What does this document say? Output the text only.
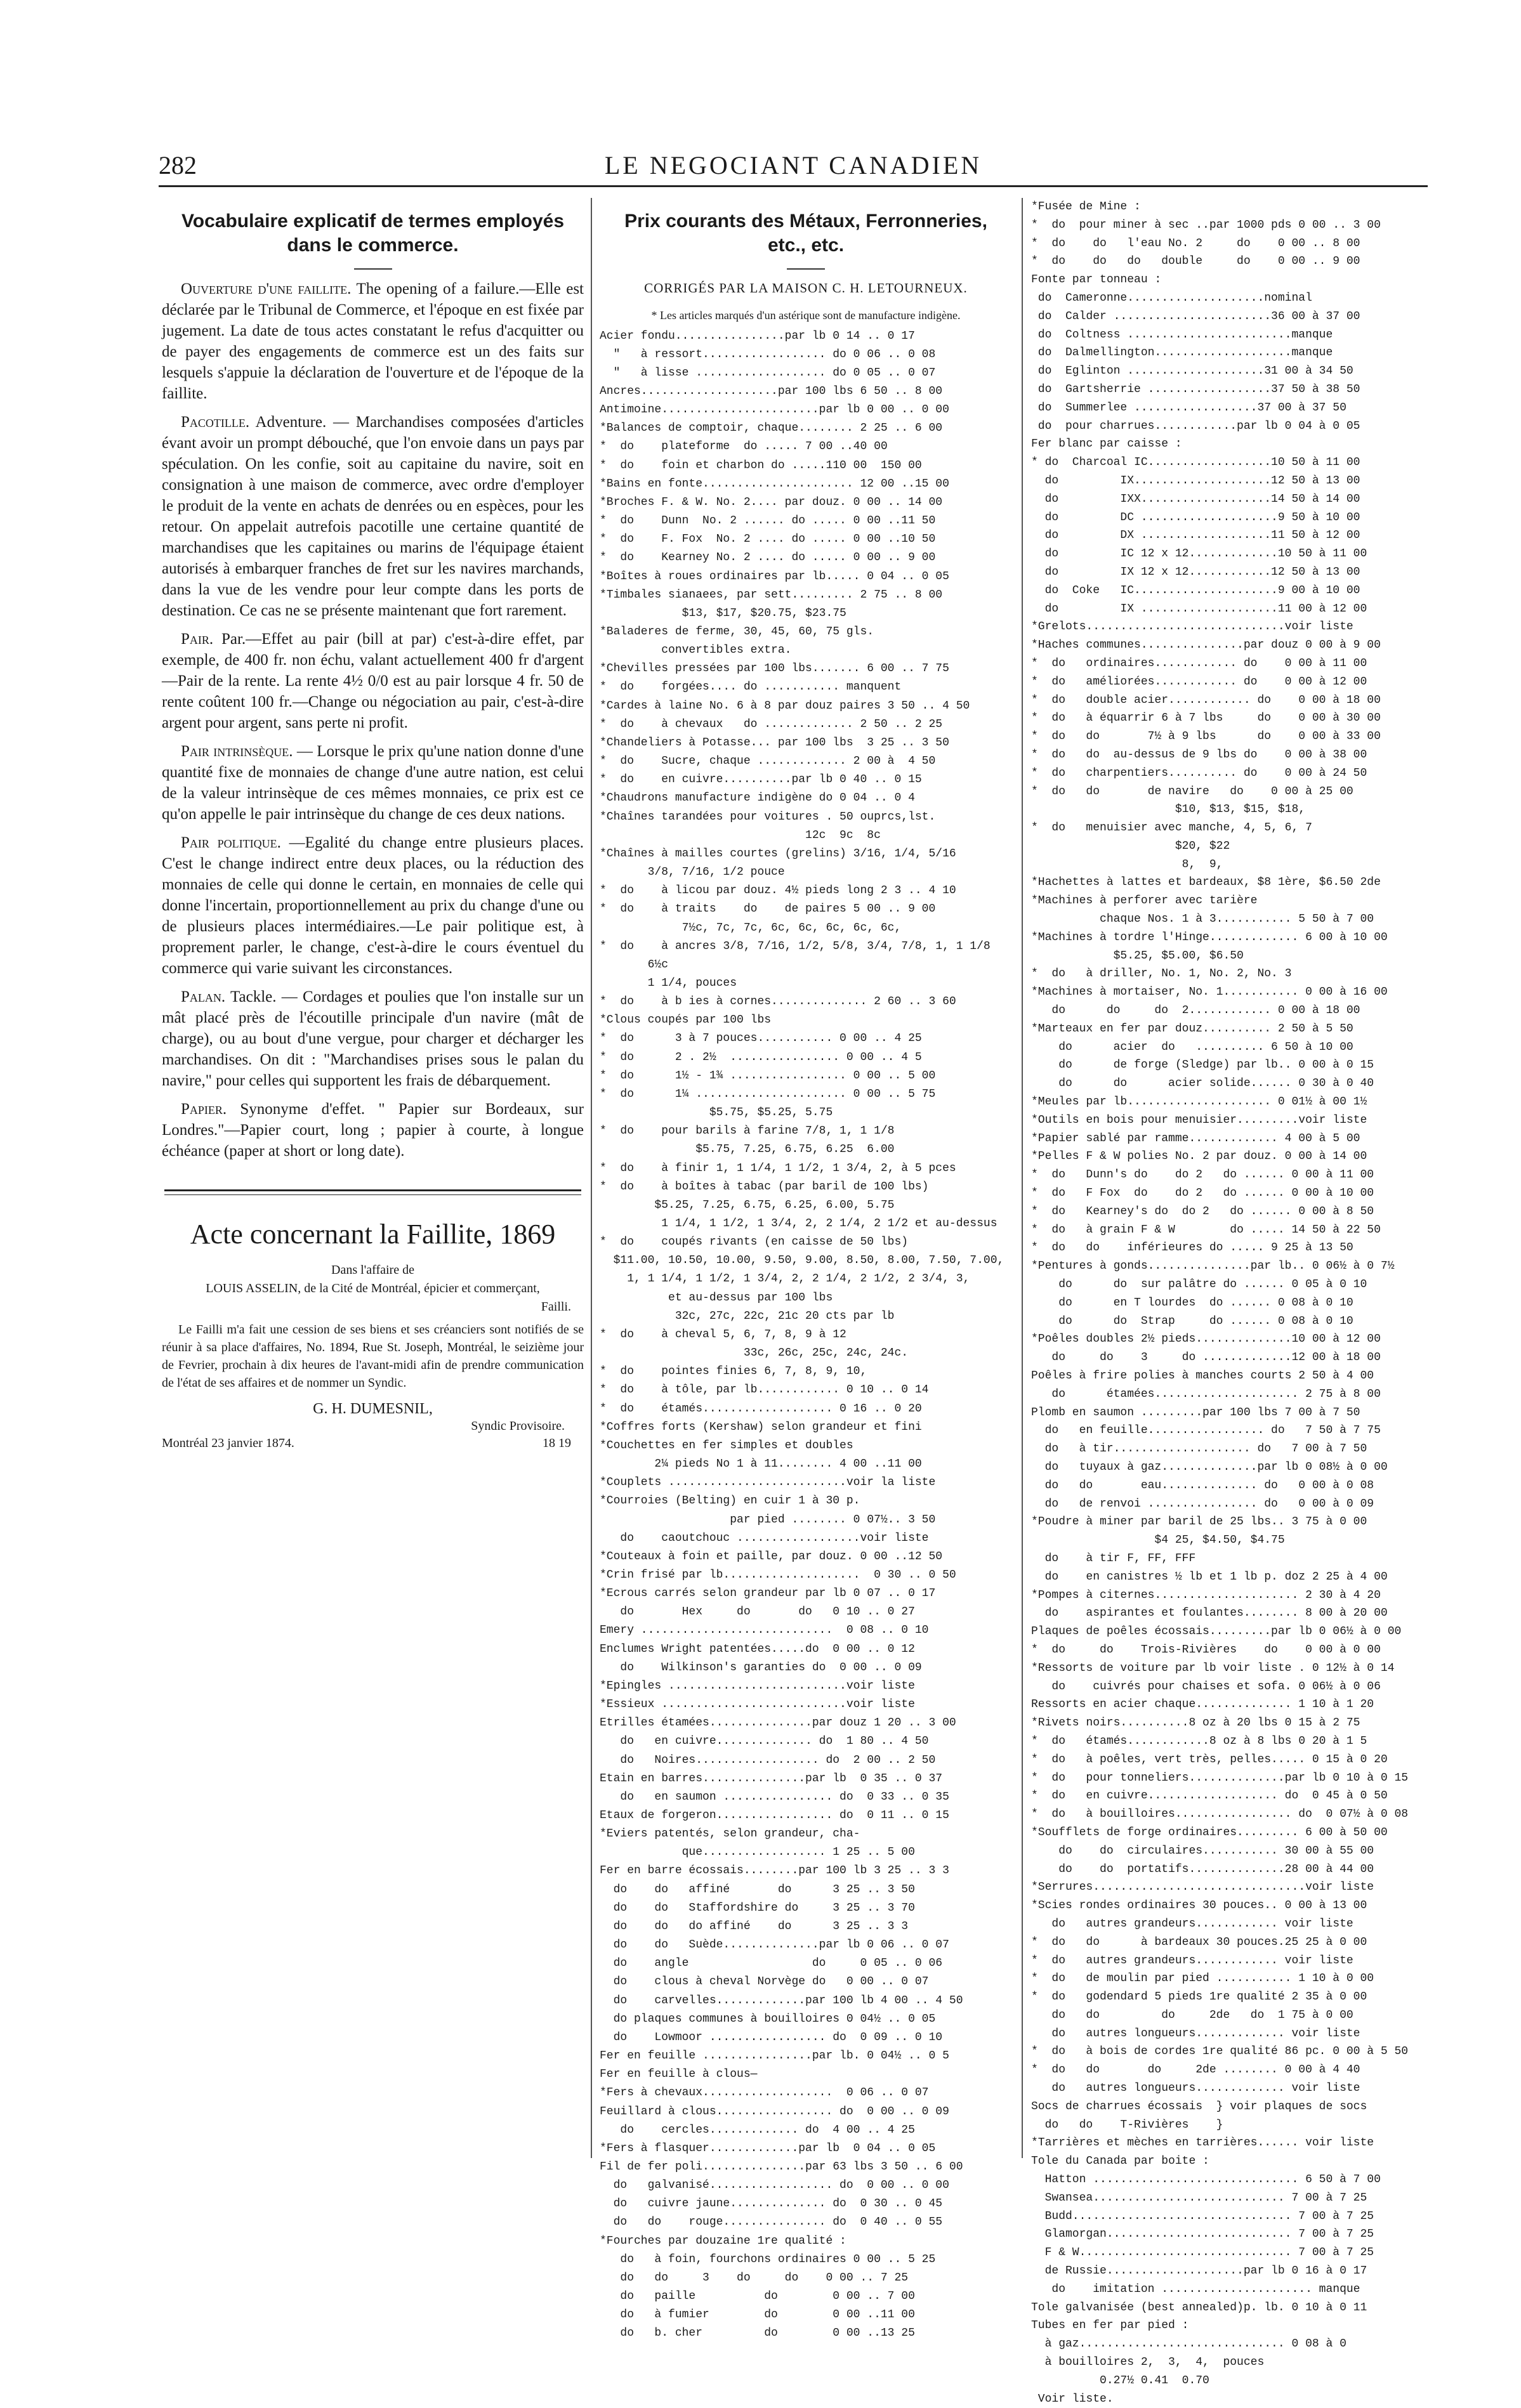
282	LE NEGOCIANT CANADIEN
Vocabulaire explicatif de termes employés dans le commerce.

Ouverture d'une faillite. The opening of a failure.—Elle est déclarée par le Tribunal de Commerce, et l'époque en est fixée par jugement. La date de tous actes constatant le refus d'acquitter ou de payer des engagements de commerce est un des faits sur lesquels s'appuie la déclaration de l'ouverture et de l'époque de la faillite.

Pacotille. Adventure. — Marchandises composées d'articles évant avoir un prompt débouché, que l'on envoie dans un pays par spéculation. On les confie, soit au capitaine du navire, soit en consignation à une maison de commerce, avec ordre d'employer le produit de la vente en achats de denrées ou en espèces, pour les retour. On appelait autrefois pacotille une certaine quantité de marchandises que les capitaines ou marins de l'équipage étaient autorisés à embarquer franches de fret sur les navires marchands, dans la vue de les vendre pour leur compte dans les ports de destination. Ce cas ne se présente maintenant que fort rarement.

Pair. Par.—Effet au pair (bill at par) c'est-à-dire effet, par exemple, de 400 fr. non échu, valant actuellement 400 fr d'argent —Pair de la rente. La rente 4½ 0/0 est au pair lorsque 4 fr. 50 de rente coûtent 100 fr.—Change ou négociation au pair, c'est-à-dire argent pour argent, sans perte ni profit.

Pair intrinsèque. — Lorsque le prix qu'une nation donne d'une quantité fixe de monnaies de change d'une autre nation, est celui de la valeur intrinsèque de ces mêmes monnaies, ce prix est ce qu'on appelle le pair intrinsèque du change de ces deux nations.

Pair politique. —Egalité du change entre plusieurs places. C'est le change indirect entre deux places, ou la réduction des monnaies de celle qui donne le certain, en monnaies de celle qui donne l'incertain, proportionnellement au prix du change d'une ou de plusieurs places intermédiaires.—Le pair politique est, à proprement parler, le change, c'est-à-dire le cours éventuel du commerce qui varie suivant les circonstances.

Palan. Tackle. — Cordages et poulies que l'on installe sur un mât placé près de l'écoutille principale d'un navire (mât de charge), ou au bout d'une vergue, pour charger et décharger les marchandises. On dit : "Marchandises prises sous le palan du navire," pour celles qui supportent les frais de débarquement.

Papier. Synonyme d'effet. " Papier sur Bordeaux, sur Londres."—Papier court, long ; papier à courte, à longue échéance (paper at short or long date).

Acte concernant la Faillite, 1869
Dans l'affaire de
LOUIS ASSELIN, de la Cité de Montréal, épicier et commerçant,
Failli.

Le Failli m'a fait une cession de ses biens et ses créanciers sont notifiés de se réunir à sa place d'affaires, No. 1894, Rue St. Joseph, Montréal, le seizième jour de Fevrier, prochain à dix heures de l'avant-midi afin de prendre communication de l'état de ses affaires et de nommer un Syndic.

G. H. DUMESNIL,
Syndic Provisoire.
Montréal 23 janvier 1874.	18 19
Prix courants des Métaux, Ferronneries, etc., etc.
CORRIGÉS PAR LA MAISON C. H. LETOURNEUX.
* Les articles marqués d'un astérique sont de manufacture indigène.
Acier fondu................par lb 0 14 .. 0 17
"   à ressort.................. do 0 06 .. 0 08
"   à lisse ................... do 0 05 .. 0 07
Ancres....................par 100 lbs 6 50 .. 8 00
Antimoine.......................par lb 0 00 .. 0 00
*Balances de comptoir, chaque........ 2 25 .. 6 00
*  do    plateforme  do ..... 7 00 ..40 00
*  do    foin et charbon do .....110 00  150 00
*Bains en fonte...................... 12 00 ..15 00
*Broches F. & W. No. 2.... par douz. 0 00 .. 14 00
*  do    Dunn  No. 2 ...... do ..... 0 00 ..11 50
*  do    F. Fox  No. 2 .... do ..... 0 00 ..10 50
*  do    Kearney No. 2 .... do ..... 0 00 .. 9 00
*Boîtes à roues ordinaires par lb..... 0 04 .. 0 05
*Timbales sianaees, par sett......... 2 75 .. 8 00
$13, $17, $20.75, $23.75
*Baladeres de ferme, 30, 45, 60, 75 gls.
convertibles extra.
*Chevilles pressées par 100 lbs....... 6 00 .. 7 75
*  do    forgées.... do ........... manquent
*Cardes à laine No. 6 à 8 par douz paires 3 50 .. 4 50
*  do    à chevaux   do ............. 2 50 .. 2 25
*Chandeliers à Potasse... par 100 lbs  3 25 .. 3 50
*  do    Sucre, chaque ............. 2 00 à  4 50
*  do    en cuivre..........par lb 0 40 .. 0 15
*Chaudrons manufacture indigène do 0 04 .. 0 4
*Chaînes tarandées pour voitures . 50 ouprcs,lst.
12c  9c  8c
*Chaînes à mailles courtes (grelins) 3/16, 1/4, 5/16
3/8, 7/16, 1/2 pouce
*  do    à licou par douz. 4½ pieds long 2 3 .. 4 10
*  do    à traits    do    de paires 5 00 .. 9 00
7½c, 7c, 7c, 6c, 6c, 6c, 6c, 6c,
*  do    à ancres 3/8, 7/16, 1/2, 5/8, 3/4, 7/8, 1, 1 1/8
6½c
1 1/4, pouces
*  do    à b ies à cornes.............. 2 60 .. 3 60
*Clous coupés par 100 lbs
*  do      3 à 7 pouces........... 0 00 .. 4 25
*  do      2 . 2½  ................ 0 00 .. 4 5
*  do      1½ - 1¾ ................. 0 00 .. 5 00
*  do      1¼ ...................... 0 00 .. 5 75
$5.75, $5.25, 5.75
*  do    pour barils à farine 7/8, 1, 1 1/8
$5.75, 7.25, 6.75, 6.25  6.00
*  do    à finir 1, 1 1/4, 1 1/2, 1 3/4, 2, à 5 pces
*  do    à boîtes à tabac (par baril de 100 lbs)
$5.25, 7.25, 6.75, 6.25, 6.00, 5.75
1 1/4, 1 1/2, 1 3/4, 2, 2 1/4, 2 1/2 et au-dessus
*  do    coupés rivants (en caisse de 50 lbs)
$11.00, 10.50, 10.00, 9.50, 9.00, 8.50, 8.00, 7.50, 7.00,
1, 1 1/4, 1 1/2, 1 3/4, 2, 2 1/4, 2 1/2, 2 3/4, 3,
et au-dessus par 100 lbs
32c, 27c, 22c, 21c 20 cts par lb
*  do    à cheval 5, 6, 7, 8, 9 à 12
33c, 26c, 25c, 24c, 24c.
*  do    pointes finies 6, 7, 8, 9, 10,
*  do    à tôle, par lb............ 0 10 .. 0 14
*  do    étamés................... 0 16 .. 0 20
*Coffres forts (Kershaw) selon grandeur et fini
*Couchettes en fer simples et doubles
2¼ pieds No 1 à 11........ 4 00 ..11 00
*Couplets ..........................voir la liste
*Courroies (Belting) en cuir 1 à 30 p.
par pied ........ 0 07½.. 3 50
do    caoutchouc ..................voir liste
*Couteaux à foin et paille, par douz. 0 00 ..12 50
*Crin frisé par lb....................  0 30 .. 0 50
*Ecrous carrés selon grandeur par lb 0 07 .. 0 17
do       Hex     do       do   0 10 .. 0 27
Emery ............................  0 08 .. 0 10
Enclumes Wright patentées.....do  0 00 .. 0 12
do    Wilkinson's garanties do  0 00 .. 0 09
*Epingles ..........................voir liste
*Essieux ...........................voir liste
Etrilles étamées...............par douz 1 20 .. 3 00
do   en cuivre.............. do  1 80 .. 4 50
do   Noires.................. do  2 00 .. 2 50
Etain en barres...............par lb  0 35 .. 0 37
do   en saumon ................ do  0 33 .. 0 35
Etaux de forgeron................. do  0 11 .. 0 15
*Eviers patentés, selon grandeur, cha-
que.................. 1 25 .. 5 00
Fer en barre écossais........par 100 lb 3 25 .. 3 3
do    do   affiné       do      3 25 .. 3 50
do    do   Staffordshire do     3 25 .. 3 70
do    do   do affiné    do      3 25 .. 3 3
do    do   Suède..............par lb 0 06 .. 0 07
do    angle                  do     0 05 .. 0 06
do    clous à cheval Norvège do   0 00 .. 0 07
do    carvelles.............par 100 lb 4 00 .. 4 50
do plaques communes à bouilloires 0 04½ .. 0 05
do    Lowmoor ................. do  0 09 .. 0 10
Fer en feuille ................par lb. 0 04½ .. 0 5
Fer en feuille à clous—
*Fers à chevaux...................  0 06 .. 0 07
Feuillard à clous................. do  0 00 .. 0 09
do    cercles............. do  4 00 .. 4 25
*Fers à flasquer.............par lb  0 04 .. 0 05
Fil de fer poli...............par 63 lbs 3 50 .. 6 00
do   galvanisé.................. do  0 00 .. 0 00
do   cuivre jaune.............. do  0 30 .. 0 45
do   do    rouge............... do  0 40 .. 0 55
*Fourches par douzaine 1re qualité :
do   à foin, fourchons ordinaires 0 00 .. 5 25
do   do     3    do     do    0 00 .. 7 25
do   paille          do        0 00 .. 7 00
do   à fumier        do        0 00 ..11 00
do   b. cher         do        0 00 ..13 25
*Fusée de Mine :
*  do  pour miner à sec ..par 1000 pds 0 00 .. 3 00
*  do    do   l'eau No. 2     do    0 00 .. 8 00
*  do    do   do   double     do    0 00 .. 9 00
Fonte par tonneau :
do  Cameronne....................nominal
do  Calder .......................36 00 à 37 00
do  Coltness ........................manque
do  Dalmellington....................manque
do  Eglinton ....................31 00 à 34 50
do  Gartsherrie ..................37 50 à 38 50
do  Summerlee ..................37 00 à 37 50
do  pour charrues............par lb 0 04 à 0 05
Fer blanc par caisse :
* do  Charcoal IC..................10 50 à 11 00
do         IX....................12 50 à 13 00
do         IXX...................14 50 à 14 00
do         DC ....................9 50 à 10 00
do         DX ...................11 50 à 12 00
do         IC 12 x 12.............10 50 à 11 00
do         IX 12 x 12............12 50 à 13 00
do  Coke   IC.....................9 00 à 10 00
do         IX ....................11 00 à 12 00
*Grelots.............................voir liste
*Haches communes...............par douz 0 00 à 9 00
*  do   ordinaires............ do    0 00 à 11 00
*  do   améliorées............ do    0 00 à 12 00
*  do   double acier............ do    0 00 à 18 00
*  do   à équarrir 6 à 7 lbs     do    0 00 à 30 00
*  do   do       7½ à 9 lbs      do    0 00 à 33 00
*  do   do  au-dessus de 9 lbs do    0 00 à 38 00
*  do   charpentiers.......... do    0 00 à 24 50
*  do   do       de navire   do    0 00 à 25 00
$10, $13, $15, $18,
*  do   menuisier avec manche, 4, 5, 6, 7
$20, $22
8,  9,
*Hachettes à lattes et bardeaux, $8 1ère, $6.50 2de
*Machines à perforer avec tarière
chaque Nos. 1 à 3........... 5 50 à 7 00
*Machines à tordre l'Hinge............. 6 00 à 10 00
$5.25, $5.00, $6.50
*  do   à driller, No. 1, No. 2, No. 3
*Machines à mortaiser, No. 1........... 0 00 à 16 00
do      do     do  2............ 0 00 à 18 00
*Marteaux en fer par douz.......... 2 50 à 5 50
do      acier  do   .......... 6 50 à 10 00
do      de forge (Sledge) par lb.. 0 00 à 0 15
do      do      acier solide...... 0 30 à 0 40
*Meules par lb..................... 0 01½ à 00 1½
*Outils en bois pour menuisier.........voir liste
*Papier sablé par ramme............. 4 00 à 5 00
*Pelles F & W polies No. 2 par douz. 0 00 à 14 00
*  do   Dunn's do    do 2   do ...... 0 00 à 11 00
*  do   F Fox  do    do 2   do ...... 0 00 à 10 00
*  do   Kearney's do  do 2   do ...... 0 00 à 8 50
*  do   à grain F & W        do ..... 14 50 à 22 50
*  do   do    inférieures do ..... 9 25 à 13 50
*Pentures à gonds...............par lb.. 0 06½ à 0 7½
do      do  sur palâtre do ...... 0 05 à 0 10
do      en T lourdes  do ...... 0 08 à 0 10
do      do  Strap     do ...... 0 08 à 0 10
*Poêles doubles 2½ pieds..............10 00 à 12 00
do     do    3     do .............12 00 à 18 00
Poêles à frire polies à manches courts 2 50 à 4 00
do      étamées..................... 2 75 à 8 00
Plomb en saumon .........par 100 lbs 7 00 à 7 50
do   en feuille................. do   7 50 à 7 75
do   à tir.................... do   7 00 à 7 50
do   tuyaux à gaz..............par lb 0 08½ à 0 00
do   do       eau.............. do   0 00 à 0 08
do   de renvoi ................ do   0 00 à 0 09
*Poudre à miner par baril de 25 lbs.. 3 75 à 0 00
$4 25, $4.50, $4.75
do    à tir F, FF, FFF
do    en canistres ½ lb et 1 lb p. doz 2 25 à 4 00
*Pompes à citernes..................... 2 30 à 4 20
do    aspirantes et foulantes........ 8 00 à 20 00
Plaques de poêles écossais.........par lb 0 06½ à 0 00
*  do     do    Trois-Rivières    do    0 00 à 0 00
*Ressorts de voiture par lb voir liste . 0 12½ à 0 14
do    cuivrés pour chaises et sofa. 0 06½ à 0 06
Ressorts en acier chaque.............. 1 10 à 1 20
*Rivets noirs..........8 oz à 20 lbs 0 15 à 2 75
*  do   étamés............8 oz à 8 lbs 0 20 à 1 5
*  do   à poêles, vert très, pelles..... 0 15 à 0 20
*  do   pour tonneliers..............par lb 0 10 à 0 15
*  do   en cuivre................... do  0 45 à 0 50
*  do   à bouilloires................. do  0 07½ à 0 08
*Soufflets de forge ordinaires......... 6 00 à 50 00
do    do  circulaires........... 30 00 à 55 00
do    do  portatifs..............28 00 à 44 00
*Serrures...............................voir liste
*Scies rondes ordinaires 30 pouces.. 0 00 à 13 00
do   autres grandeurs............ voir liste
*  do   do      à bardeaux 30 pouces.25 25 à 0 00
*  do   autres grandeurs............ voir liste
*  do   de moulin par pied ........... 1 10 à 0 00
*  do   godendard 5 pieds 1re qualité 2 35 à 0 00
do   do         do     2de   do  1 75 à 0 00
do   autres longueurs............. voir liste
*  do   à bois de cordes 1re qualité 86 pc. 0 00 à 5 50
*  do   do       do     2de ........ 0 00 à 4 40
do   autres longueurs............. voir liste
Socs de charrues écossais  } voir plaques de socs
do   do    T-Rivières    }
*Tarrières et mèches en tarrières...... voir liste
Tole du Canada par boite :
Hatton .............................. 6 50 à 7 00
Swansea............................ 7 00 à 7 25
Budd................................ 7 00 à 7 25
Glamorgan........................... 7 00 à 7 25
F & W............................... 7 00 à 7 25
de Russie....................par lb 0 16 à 0 17
do    imitation ...................... manque
Tole galvanisée (best annealed)p. lb. 0 10 à 0 11
Tubes en fer par pied :
à gaz.............................. 0 08 à 0
à bouilloires 2,  3,  4,  pouces
0.27½ 0.41  0.70
Voir liste.
